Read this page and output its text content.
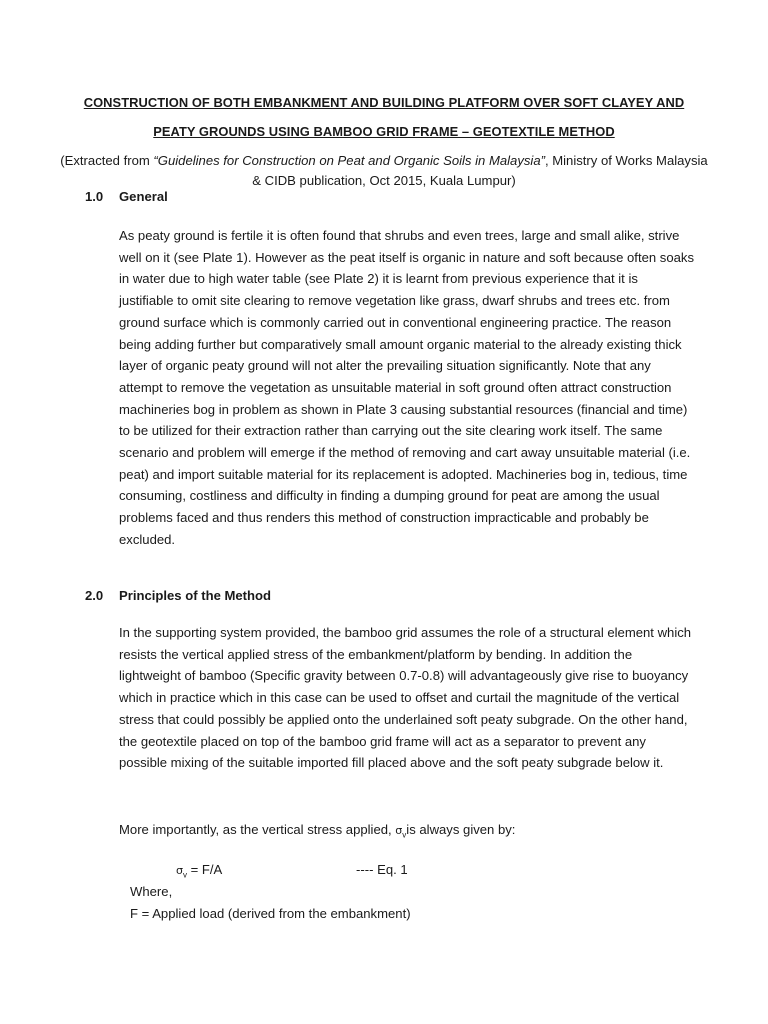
CONSTRUCTION OF BOTH EMBANKMENT AND BUILDING PLATFORM OVER SOFT CLAYEY AND
PEATY GROUNDS USING BAMBOO GRID FRAME – GEOTEXTILE METHOD
(Extracted from “Guidelines for Construction on Peat and Organic Soils in Malaysia”, Ministry of Works Malaysia & CIDB publication, Oct 2015, Kuala Lumpur)
1.0 General
As peaty ground is fertile it is often found that shrubs and even trees, large and small alike, strive well on it (see Plate 1). However as the peat itself is organic in nature and soft because often soaks in water due to high water table (see Plate 2) it is learnt from previous experience that it is justifiable to omit site clearing to remove vegetation like grass, dwarf shrubs and trees etc. from ground surface which is commonly carried out in conventional engineering practice. The reason being adding further but comparatively small amount organic material to the already existing thick layer of organic peaty ground will not alter the prevailing situation significantly. Note that any attempt to remove the vegetation as unsuitable material in soft ground often attract construction machineries bog in problem as shown in Plate 3 causing substantial resources (financial and time) to be utilized for their extraction rather than carrying out the site clearing work itself. The same scenario and problem will emerge if the method of removing and cart away unsuitable material (i.e. peat) and import suitable material for its replacement is adopted. Machineries bog in, tedious, time consuming, costliness and difficulty in finding a dumping ground for peat are among the usual problems faced and thus renders this method of construction impracticable and probably be excluded.
2.0 Principles of the Method
In the supporting system provided, the bamboo grid assumes the role of a structural element which resists the vertical applied stress of the embankment/platform by bending. In addition the lightweight of bamboo (Specific gravity between 0.7-0.8) will advantageously give rise to buoyancy which in practice which in this case can be used to offset and curtail the magnitude of the vertical stress that could possibly be applied onto the underlained soft peaty subgrade. On the other hand, the geotextile placed on top of the bamboo grid frame will act as a separator to prevent any possible mixing of the suitable imported fill placed above and the soft peaty subgrade below it.
More importantly, as the vertical stress applied, $\sigma_vis$ always given by:
$\sigma_v = F/A$	---- Eq. 1
Where,
F = Applied load (derived from the embankment)
